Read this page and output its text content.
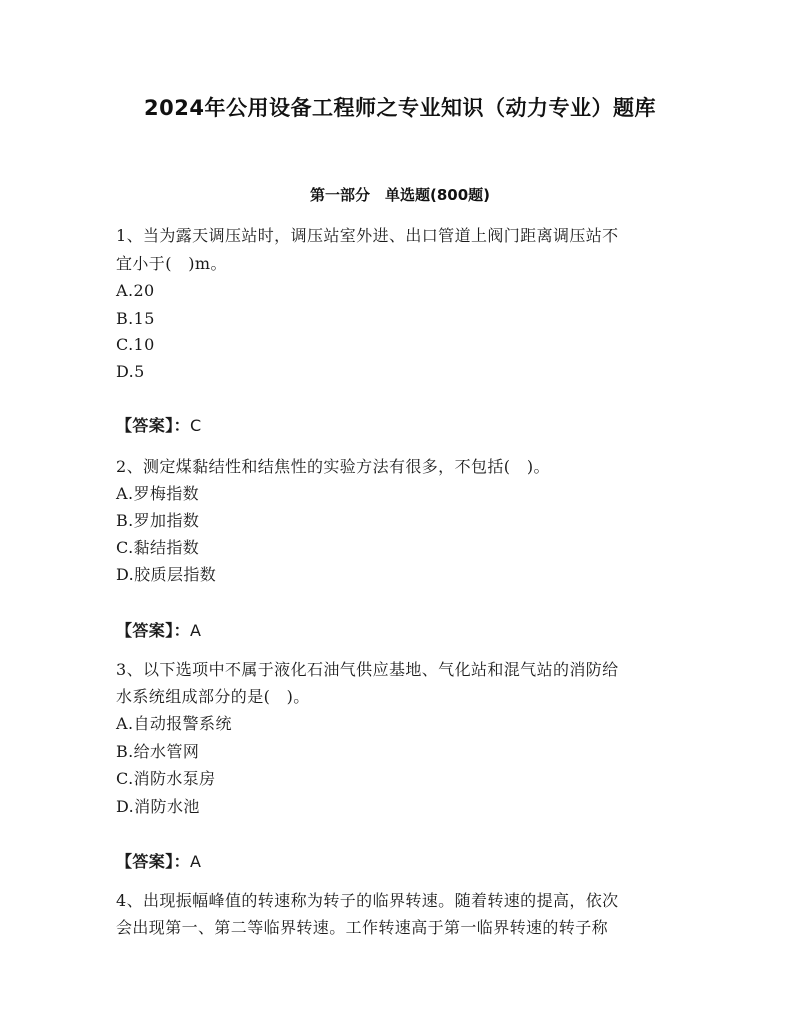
2024年公用设备工程师之专业知识（动力专业）题库
第一部分　单选题(800题)
1、当为露天调压站时，调压站室外进、出口管道上阀门距离调压站不
宜小于(　)m。
A.20
B.15
C.10
D.5
【答案】：C
2、测定煤黏结性和结焦性的实验方法有很多，不包括(　)。
A.罗梅指数
B.罗加指数
C.黏结指数
D.胶质层指数
【答案】：A
3、以下选项中不属于液化石油气供应基地、气化站和混气站的消防给
水系统组成部分的是(　)。
A.自动报警系统
B.给水管网
C.消防水泵房
D.消防水池
【答案】：A
4、出现振幅峰值的转速称为转子的临界转速。随着转速的提高，依次
会出现第一、第二等临界转速。工作转速高于第一临界转速的转子称
